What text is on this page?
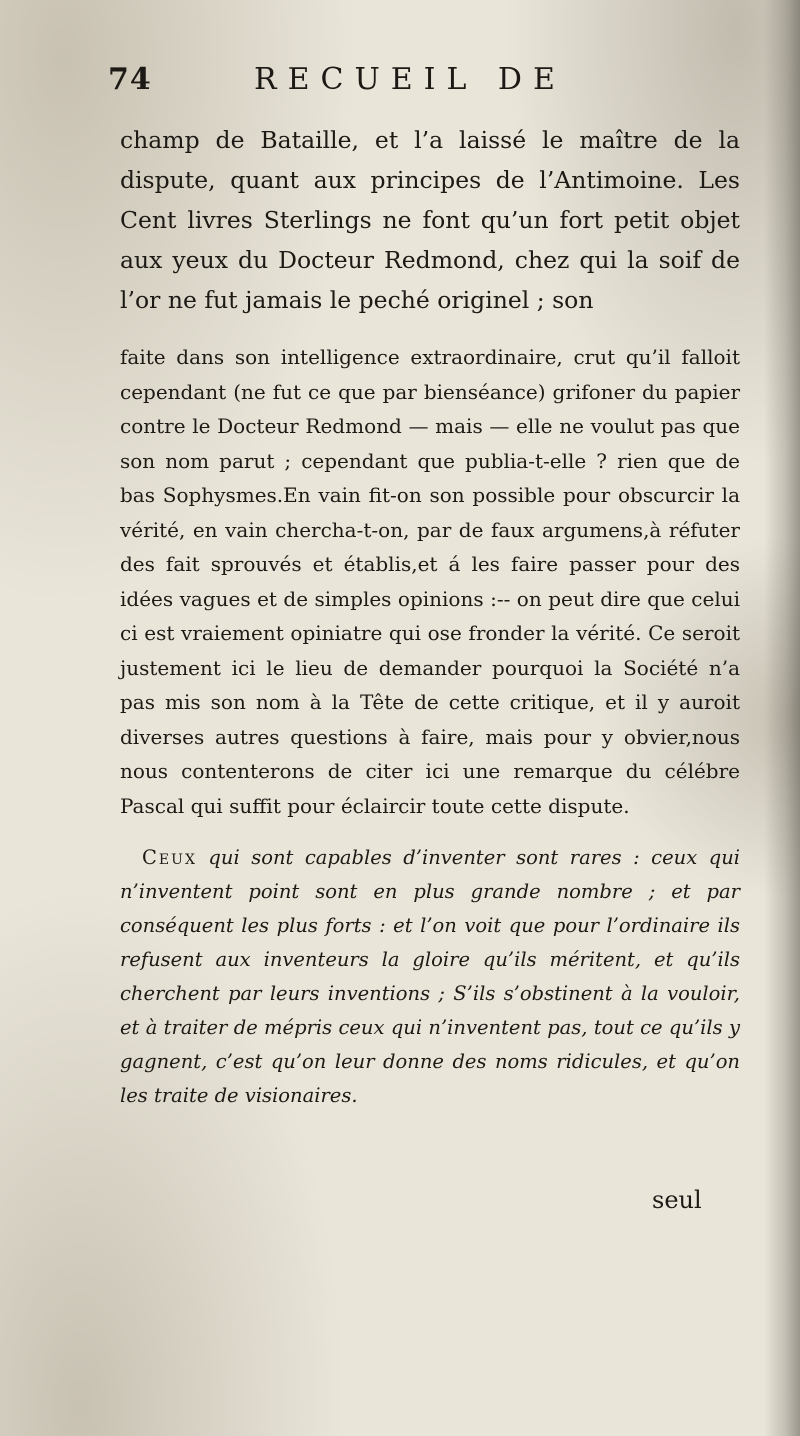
74	RECUEIL DE

champ de Bataille, et l’a laissé le maître de la dispute, quant aux principes de l’Antimoine. Les Cent livres Sterlings ne font qu’un fort petit objet aux yeux du Docteur Redmond, chez qui la soif de l’or ne fut jamais le peché originel ; son

faite dans son intelligence extraordinaire, crut qu’il falloit cependant (ne fut ce que par bienséance) grifoner du papier contre le Docteur Redmond — mais — elle ne voulut pas que son nom parut ; cependant que publia-t-elle ? rien que de bas Sophysmes.En vain fit-on son possible pour obscurcir la vérité, en vain chercha-t-on, par de faux argumens,à réfuter des fait sprouvés et établis,et á les faire passer pour des idées vagues et de simples opinions :-- on peut dire que celui ci est vraiement opiniatre qui ose fronder la vérité. Ce seroit justement ici le lieu de demander pourquoi la Société n’a pas mis son nom à la Tête de cette critique, et il y auroit diverses autres questions à faire, mais pour y obvier,nous nous contenterons de citer ici une remarque du célébre Pascal qui suffit pour éclaircir toute cette dispute.

Ceux qui sont capables d’inventer sont rares : ceux qui n’inventent point sont en plus grande nombre ; et par conséquent les plus forts : et l’on voit que pour l’ordinaire ils refusent aux inventeurs la gloire qu’ils méritent, et qu’ils cherchent par leurs inventions ; S’ils s’obstinent à la vouloir, et à traiter de mépris ceux qui n’inventent pas, tout ce qu’ils y gagnent, c’est qu’on leur donne des noms ridicules, et qu’on les traite de visionaires.

seul
